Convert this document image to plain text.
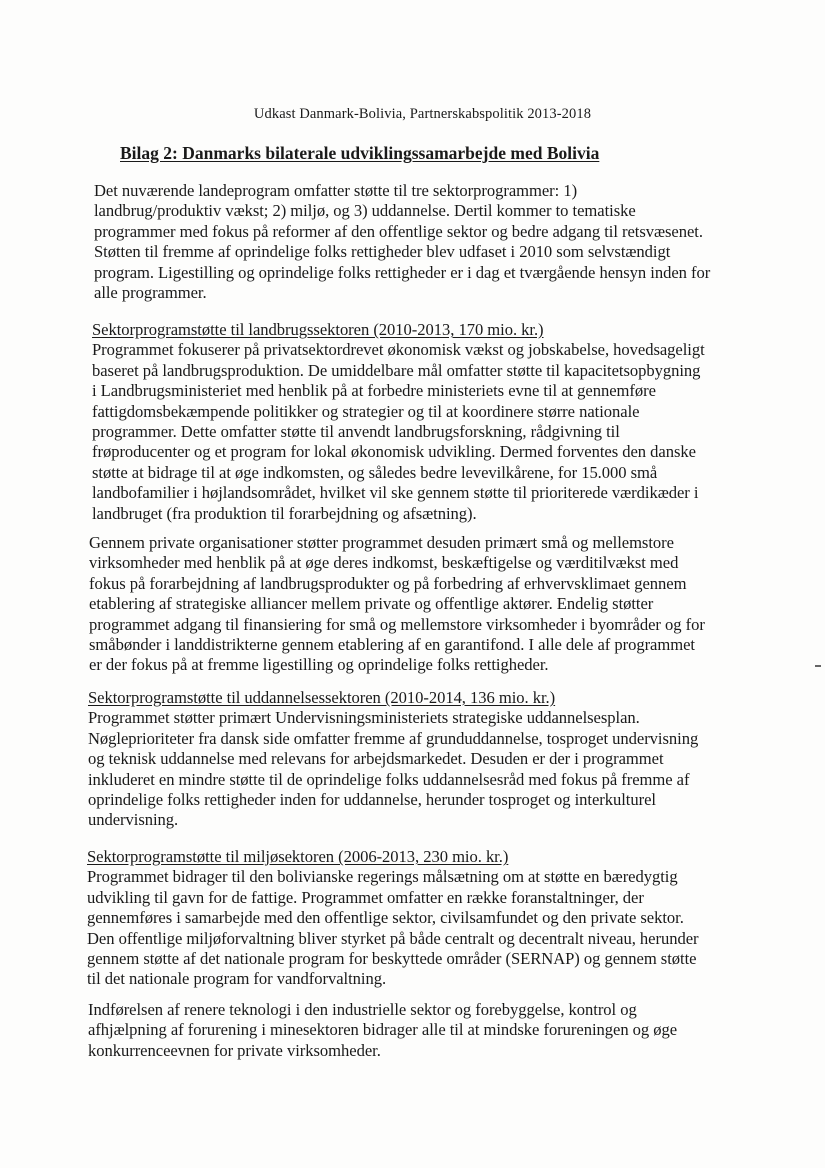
Udkast Danmark-Bolivia, Partnerskabspolitik 2013-2018
Bilag 2: Danmarks bilaterale udviklingssamarbejde med Bolivia
Det nuværende landeprogram omfatter støtte til tre sektorprogrammer: 1)
landbrug/produktiv vækst; 2) miljø, og 3) uddannelse. Dertil kommer to tematiske
programmer med fokus på reformer af den offentlige sektor og bedre adgang til retsvæsenet.
Støtten til fremme af oprindelige folks rettigheder blev udfaset i 2010 som selvstændigt
program. Ligestilling og oprindelige folks rettigheder er i dag et tværgående hensyn inden for
alle programmer.
Sektorprogramstøtte til landbrugssektoren (2010-2013, 170 mio. kr.)
Programmet fokuserer på privatsektordrevet økonomisk vækst og jobskabelse, hovedsageligt
baseret på landbrugsproduktion. De umiddelbare mål omfatter støtte til kapacitetsopbygning
i Landbrugsministeriet med henblik på at forbedre ministeriets evne til at gennemføre
fattigdomsbekæmpende politikker og strategier og til at koordinere større nationale
programmer. Dette omfatter støtte til anvendt landbrugsforskning, rådgivning til
frøproducenter og et program for lokal økonomisk udvikling. Dermed forventes den danske
støtte at bidrage til at øge indkomsten, og således bedre levevilkårene, for 15.000 små
landbofamilier i højlandsområdet, hvilket vil ske gennem støtte til prioriterede værdikæder i
landbruget (fra produktion til forarbejdning og afsætning).
Gennem private organisationer støtter programmet desuden primært små og mellemstore
virksomheder med henblik på at øge deres indkomst, beskæftigelse og værditilvækst med
fokus på forarbejdning af landbrugsprodukter og på forbedring af erhvervsklimaet gennem
etablering af strategiske alliancer mellem private og offentlige aktører. Endelig støtter
programmet adgang til finansiering for små og mellemstore virksomheder i byområder og for
småbønder i landdistrikterne gennem etablering af en garantifond. I alle dele af programmet
er der fokus på at fremme ligestilling og oprindelige folks rettigheder.
Sektorprogramstøtte til uddannelsessektoren (2010-2014, 136 mio. kr.)
Programmet støtter primært Undervisningsministeriets strategiske uddannelsesplan.
Nøgleprioriteter fra dansk side omfatter fremme af grunduddannelse, tosproget undervisning
og teknisk uddannelse med relevans for arbejdsmarkedet. Desuden er der i programmet
inkluderet en mindre støtte til de oprindelige folks uddannelsesråd med fokus på fremme af
oprindelige folks rettigheder inden for uddannelse, herunder tosproget og interkulturel
undervisning.
Sektorprogramstøtte til miljøsektoren (2006-2013, 230 mio. kr.)
Programmet bidrager til den bolivianske regerings målsætning om at støtte en bæredygtig
udvikling til gavn for de fattige. Programmet omfatter en række foranstaltninger, der
gennemføres i samarbejde med den offentlige sektor, civilsamfundet og den private sektor.
Den offentlige miljøforvaltning bliver styrket på både centralt og decentralt niveau, herunder
gennem støtte af det nationale program for beskyttede områder (SERNAP) og gennem støtte
til det nationale program for vandforvaltning.
Indførelsen af renere teknologi i den industrielle sektor og forebyggelse, kontrol og
afhjælpning af forurening i minesektoren bidrager alle til at mindske forureningen og øge
konkurrenceevnen for private virksomheder.
